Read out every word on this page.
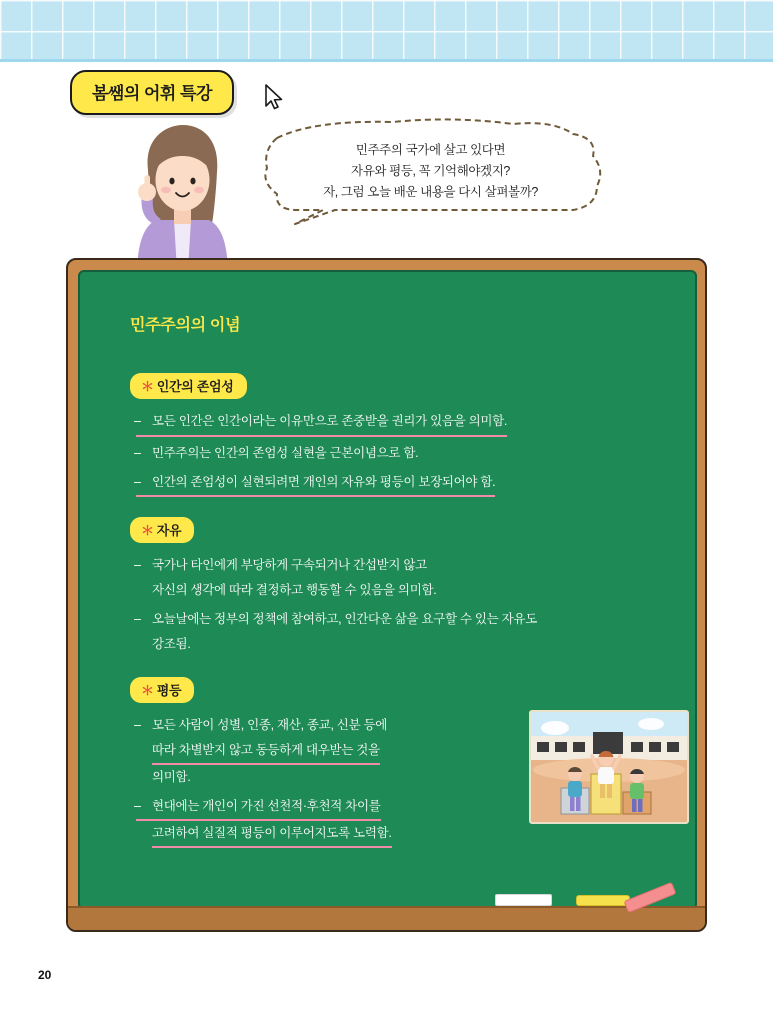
봄쌤의 어휘 특강
민주주의 국가에 살고 있다면
자유와 평등, 꼭 기억해야겠지?
자, 그럼 오늘 배운 내용을 다시 살펴볼까?
민주주의의 이념
＊ 인간의 존엄성
– 모든 인간은 인간이라는 이유만으로 존중받을 권리가 있음을 의미함.
– 민주주의는 인간의 존엄성 실현을 근본이념으로 함.
– 인간의 존엄성이 실현되려면 개인의 자유와 평등이 보장되어야 함.
＊ 자유
– 국가나 타인에게 부당하게 구속되거나 간섭받지 않고
자신의 생각에 따라 결정하고 행동할 수 있음을 의미함.
– 오늘날에는 정부의 정책에 참여하고, 인간다운 삶을 요구할 수 있는 자유도
강조됨.
＊ 평등
– 모든 사람이 성별, 인종, 재산, 종교, 신분 등에 따라 차별받지 않고 동등하게 대우받는 것을
의미함.
– 현대에는 개인이 가진 선천적·후천적 차이를 고려하여 실질적 평등이 이루어지도록 노력함.
20
